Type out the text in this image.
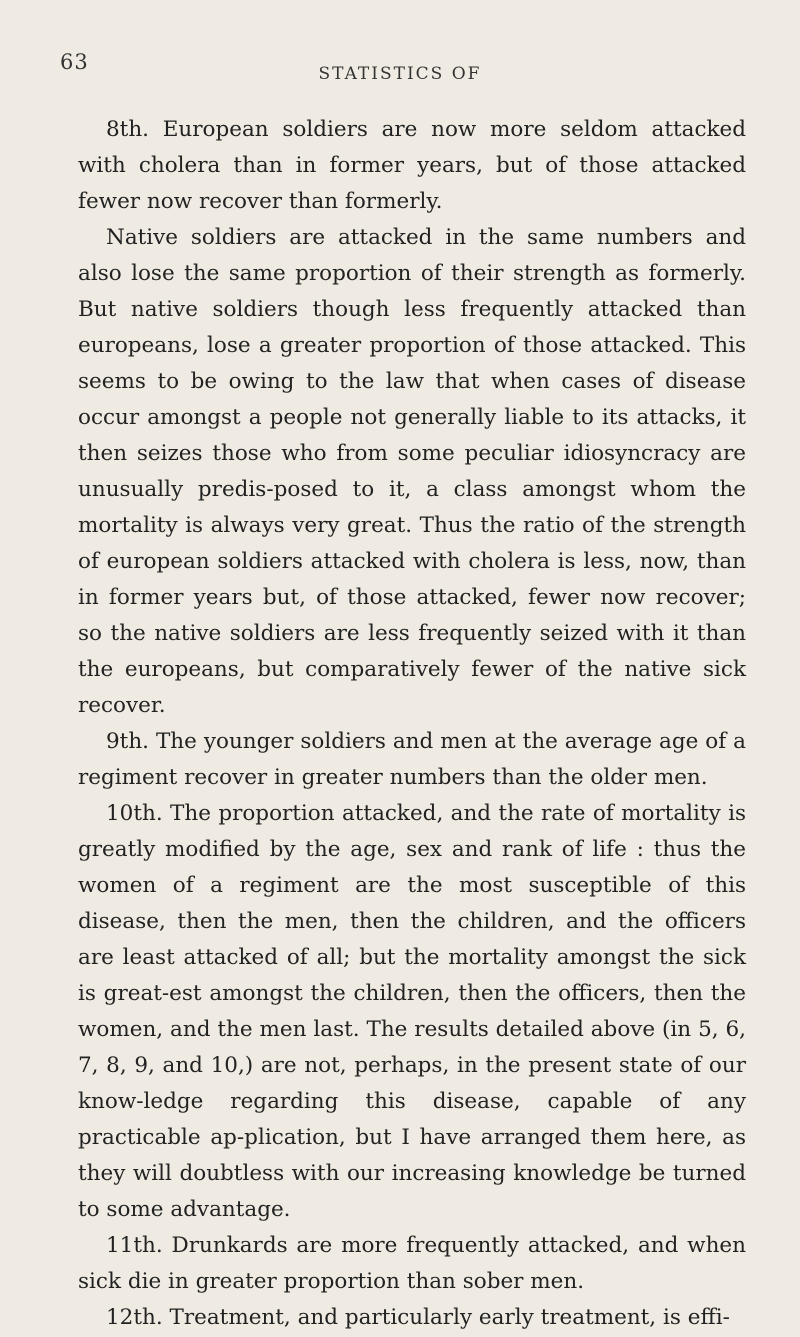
63	STATISTICS OF

8th. European soldiers are now more seldom attacked with cholera than in former years, but of those attacked fewer now recover than formerly.

Native soldiers are attacked in the same numbers and also lose the same proportion of their strength as formerly. But native soldiers though less frequently attacked than europeans, lose a greater proportion of those attacked. This seems to be owing to the law that when cases of disease occur amongst a people not generally liable to its attacks, it then seizes those who from some peculiar idiosyncracy are unusually predis-posed to it, a class amongst whom the mortality is always very great. Thus the ratio of the strength of european soldiers attacked with cholera is less, now, than in former years but, of those attacked, fewer now recover; so the native soldiers are less frequently seized with it than the europeans, but comparatively fewer of the native sick recover.

9th. The younger soldiers and men at the average age of a regiment recover in greater numbers than the older men.

10th. The proportion attacked, and the rate of mortality is greatly modified by the age, sex and rank of life : thus the women of a regiment are the most susceptible of this disease, then the men, then the children, and the officers are least attacked of all; but the mortality amongst the sick is great-est amongst the children, then the officers, then the women, and the men last. The results detailed above (in 5, 6, 7, 8, 9, and 10,) are not, perhaps, in the present state of our know-ledge regarding this disease, capable of any practicable ap-plication, but I have arranged them here, as they will doubtless with our increasing knowledge be turned to some advantage.

11th. Drunkards are more frequently attacked, and when sick die in greater proportion than sober men.

12th. Treatment, and particularly early treatment, is effi-
